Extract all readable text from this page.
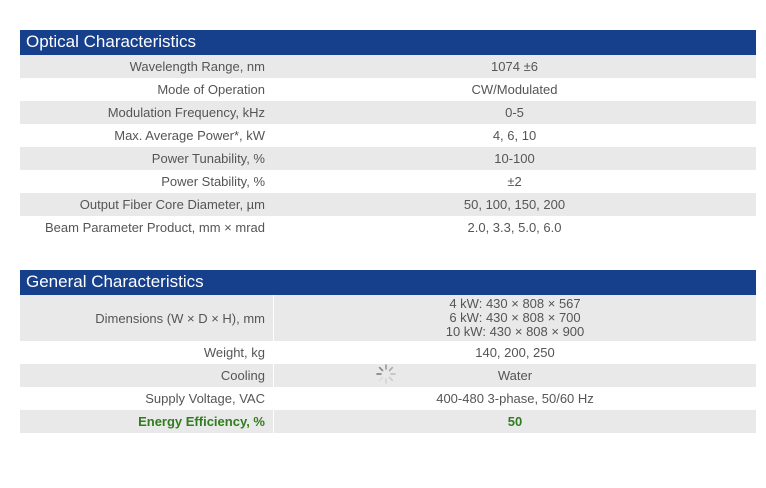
Optical Characteristics
Wavelength Range, nm	1074 ±6
Mode of Operation	CW/Modulated
Modulation Frequency, kHz	0-5
Max. Average Power*, kW	4, 6, 10
Power Tunability, %	10-100
Power Stability, %	±2
Output Fiber Core Diameter, µm	50, 100, 150, 200
Beam Parameter Product, mm × mrad	2.0, 3.3, 5.0, 6.0
General Characteristics
Dimensions (W × D × H), mm
4 kW: 430 × 808 × 567
6 kW: 430 × 808 × 700
10 kW: 430 × 808 × 900
Weight, kg	140, 200, 250
Cooling	Water
Supply Voltage, VAC	400-480 3-phase, 50/60 Hz
Energy Efficiency, %	50
